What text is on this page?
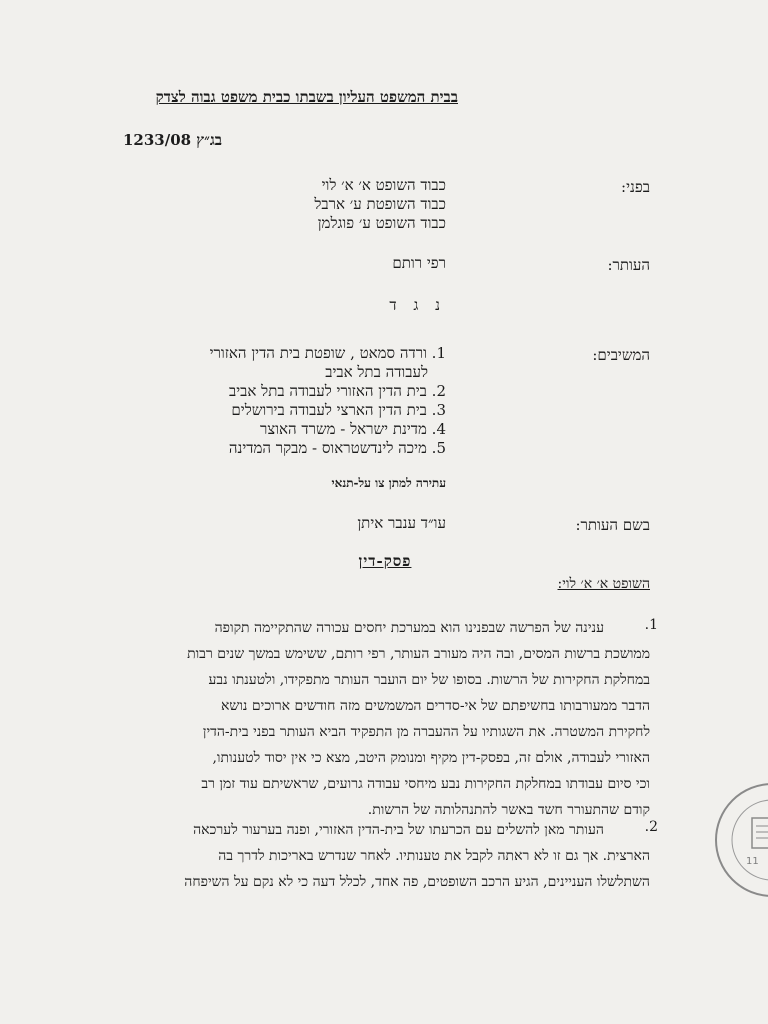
בבית המשפט העליון בשבתו כבית משפט גבוה לצדק
בג״ץ 1233/08
בפני:
כבוד השופט א׳ א׳ לוי
כבוד השופטת ע׳ ארבל
כבוד השופט ע׳ פוגלמן
העותר:
רפי רותם
נ ג ד
המשיבים:
1. ורדה סמאט , שופטת בית הדין האזורי
לעבודה בתל אביב
2. בית הדין האזורי לעבודה בתל אביב
3. בית הדין הארצי לעבודה בירושלים
4. מדינת ישראל - משרד האוצר
5. מיכה לינדשטראוס - מבקר המדינה
עתירה למתן צו על-תנאי
בשם העותר:
עו״ד ענבר איתן
פסק-דין
השופט א׳ א׳ לוי:
.1
ענינה של הפרשה שבפנינו הוא במערכת יחסים עכורה שהתקיימה תקופה
ממושכת ברשות המסים, ובה היה מעורב העותר, רפי רותם, ששימש במשך שנים רבות
במחלקת החקירות של הרשות. בסופו של יום הועבר העותר מתפקידו, ולטענתו נבע
הדבר ממעורבותו בחשיפתם של אי-סדרים המשמשים מזה חודשים ארוכים נושא
לחקירת המשטרה. את השגותיו על ההעברה מן התפקיד הביא העותר בפני בית-הדין
האזורי לעבודה, אולם זה, בפסק-דין מקיף ומנומק היטב, מצא כי אין יסוד לטענותו,
וכי סיום עבודתו במחלקת החקירות נבע מיחסי עבודה גרועים, שראשיתם עוד זמן רב
קודם שהתעורר חשד באשר להתנהלותה של הרשות.
.2
העותר מאן להשלים עם הכרעתו של בית-הדין האזורי, ופנה בערעור לערכאה
הארצית. אך גם זו לא ראתה לקבל את טענותיו. לאחר שנדרש באריכות לדרך בה
השתלשלו העניינים, הגיע הרכב השופטים, פה אחד, לכלל דעה כי לא נקם על השיפחה
11
